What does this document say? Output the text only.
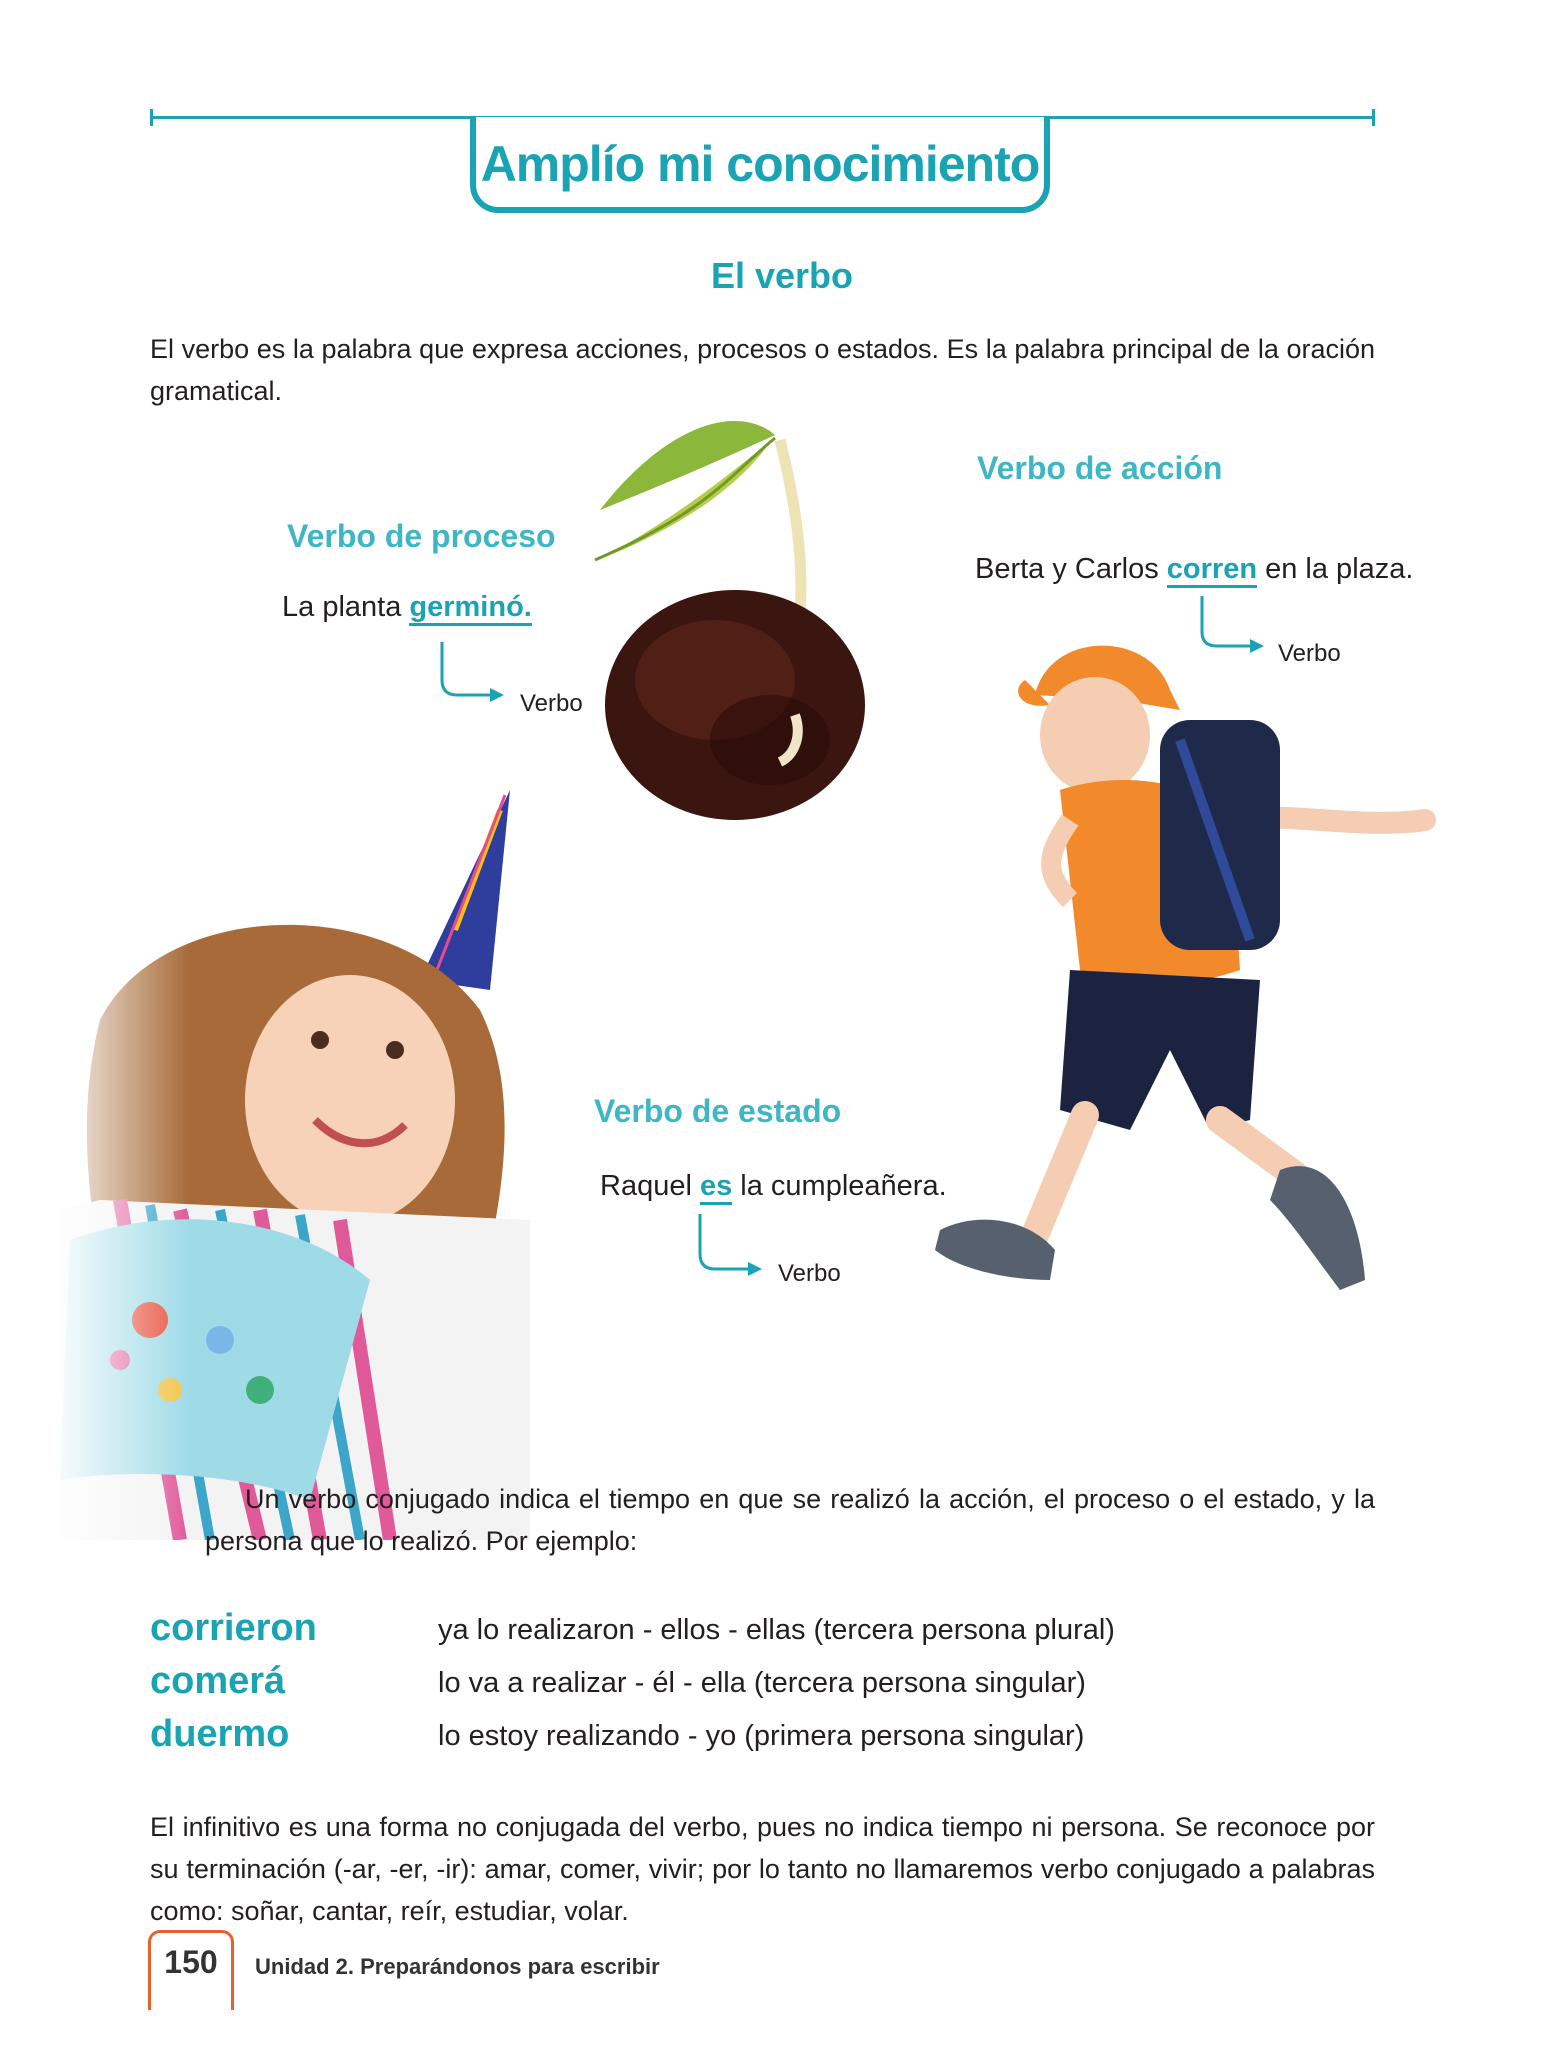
Amplío mi conocimiento
El verbo
El verbo es la palabra que expresa acciones, procesos o estados. Es la palabra principal de la oración gramatical.
Verbo de proceso
La planta germinó.
Verbo
Verbo de acción
Berta y Carlos corren en la plaza.
Verbo
Verbo de estado
Raquel es la cumpleañera.
Verbo
Un verbo conjugado indica el tiempo en que se realizó la acción, el proceso o el estado, y la persona que lo realizó. Por ejemplo:
corrieron	ya lo realizaron - ellos - ellas (tercera persona plural)
comerá	lo va a realizar - él - ella (tercera persona singular)
duermo	lo estoy realizando - yo (primera persona singular)
El infinitivo es una forma no conjugada del verbo, pues no indica tiempo ni persona. Se reconoce por su terminación (-ar, -er, -ir): amar, comer, vivir; por lo tanto no llamaremos verbo conjugado a palabras como: soñar, cantar, reír, estudiar, volar.
150	Unidad 2. Preparándonos para escribir
